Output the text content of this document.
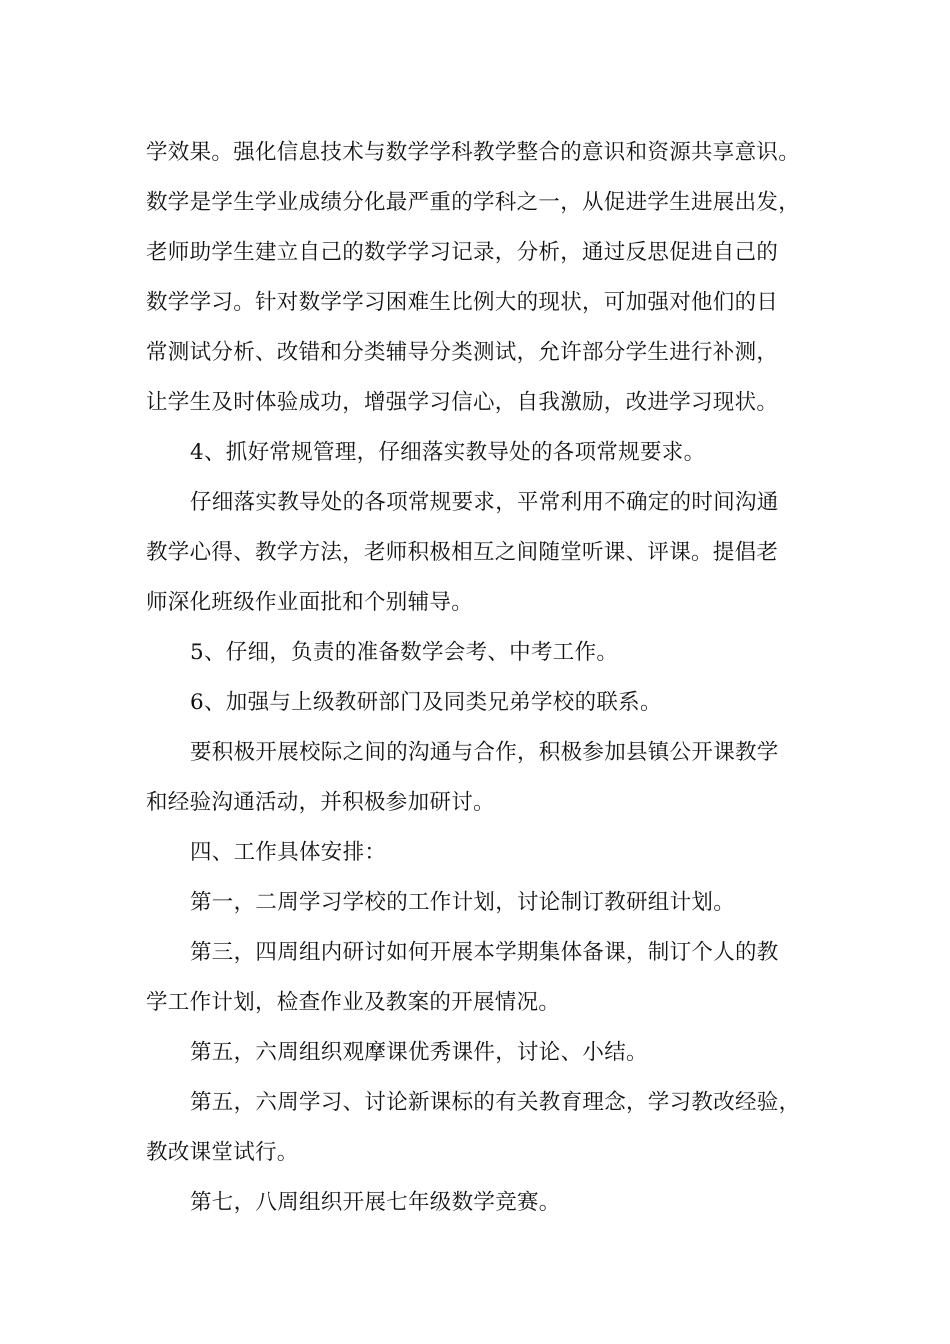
学效果。强化信息技术与数学学科教学整合的意识和资源共享意识。

数学是学生学业成绩分化最严重的学科之一，从促进学生进展出发，

老师助学生建立自己的数学学习记录，分析，通过反思促进自己的

数学学习。针对数学学习困难生比例大的现状，可加强对他们的日

常测试分析、改错和分类辅导分类测试，允许部分学生进行补测，

让学生及时体验成功，增强学习信心，自我激励，改进学习现状。

4、抓好常规管理，仔细落实教导处的各项常规要求。

仔细落实教导处的各项常规要求，平常利用不确定的时间沟通

教学心得、教学方法，老师积极相互之间随堂听课、评课。提倡老

师深化班级作业面批和个别辅导。

5、仔细，负责的准备数学会考、中考工作。

6、加强与上级教研部门及同类兄弟学校的联系。

要积极开展校际之间的沟通与合作，积极参加县镇公开课教学

和经验沟通活动，并积极参加研讨。

四、工作具体安排：

第一，二周学习学校的工作计划，讨论制订教研组计划。

第三，四周组内研讨如何开展本学期集体备课，制订个人的教

学工作计划，检查作业及教案的开展情况。

第五，六周组织观摩课优秀课件，讨论、小结。

第五，六周学习、讨论新课标的有关教育理念，学习教改经验，

教改课堂试行。

第七，八周组织开展七年级数学竞赛。
